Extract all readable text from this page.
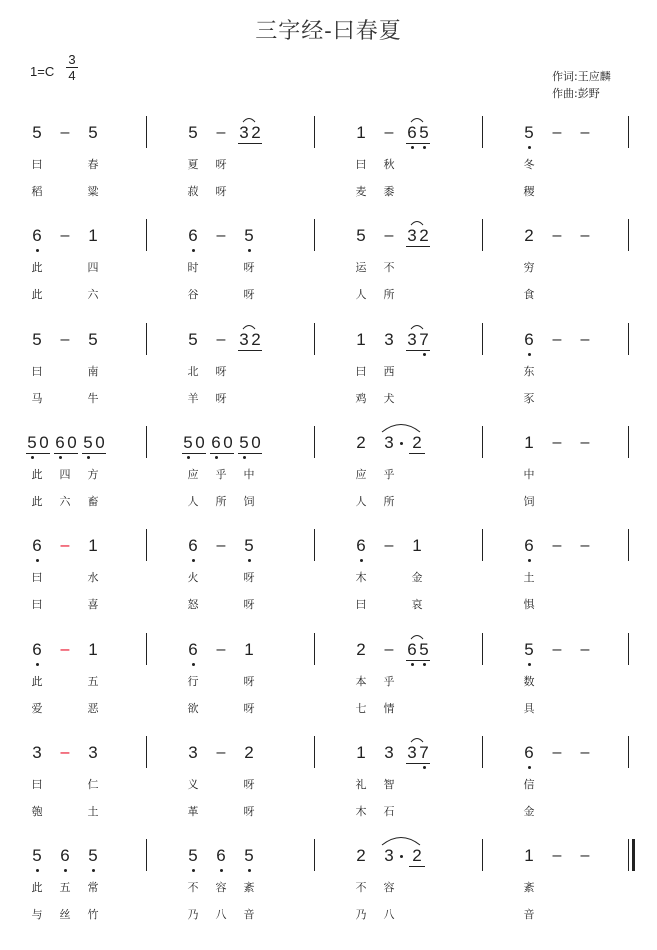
三字经-曰春夏
$1=C \frac{3}{4}$	作词:王应麟
作曲:彭野
5 – 5
曰	春
稻	粱
5 – 3 2
夏 呀
菽 呀
1 – 6 5
曰 秋
麦 黍
5 – –
冬
稷
6 – 1
此	四
此	六
6 – 5
时	呀
谷	呀
5 – 3 2
运 不
人 所
2 – –
穷
食
5 – 5
曰	南
马	牛
5 – 3 2
北 呀
羊 呀
1 3 3 7
曰 西
鸡 犬
6 – –
东
豕
5 0 6 0 5 0
此 四 方
此 六 畜
5 0 6 0 5 0
应 乎 中
人 所 饲
2 3 2
应 乎
人 所
1 – –
中
饲
6 – 1
曰	水
曰	喜
6 – 5
火	呀
怒	呀
6 – 1
木	金
曰	哀
6 – –
土
惧
6 – 1
此	五
爱	恶
6 – 1
行	呀
欲	呀
2 – 6 5
本 乎
七 情
5 – –
数
具
3 – 3
曰	仁
匏	土
3 – 2
义	呀
革	呀
1 3 3 7
礼 智
木 石
6 – –
信
金
5 6 5
此 五 常
与 丝 竹
5 6 5
不 容 紊
乃 八 音
2 3 2
不 容
乃 八
1 – –
紊
音
